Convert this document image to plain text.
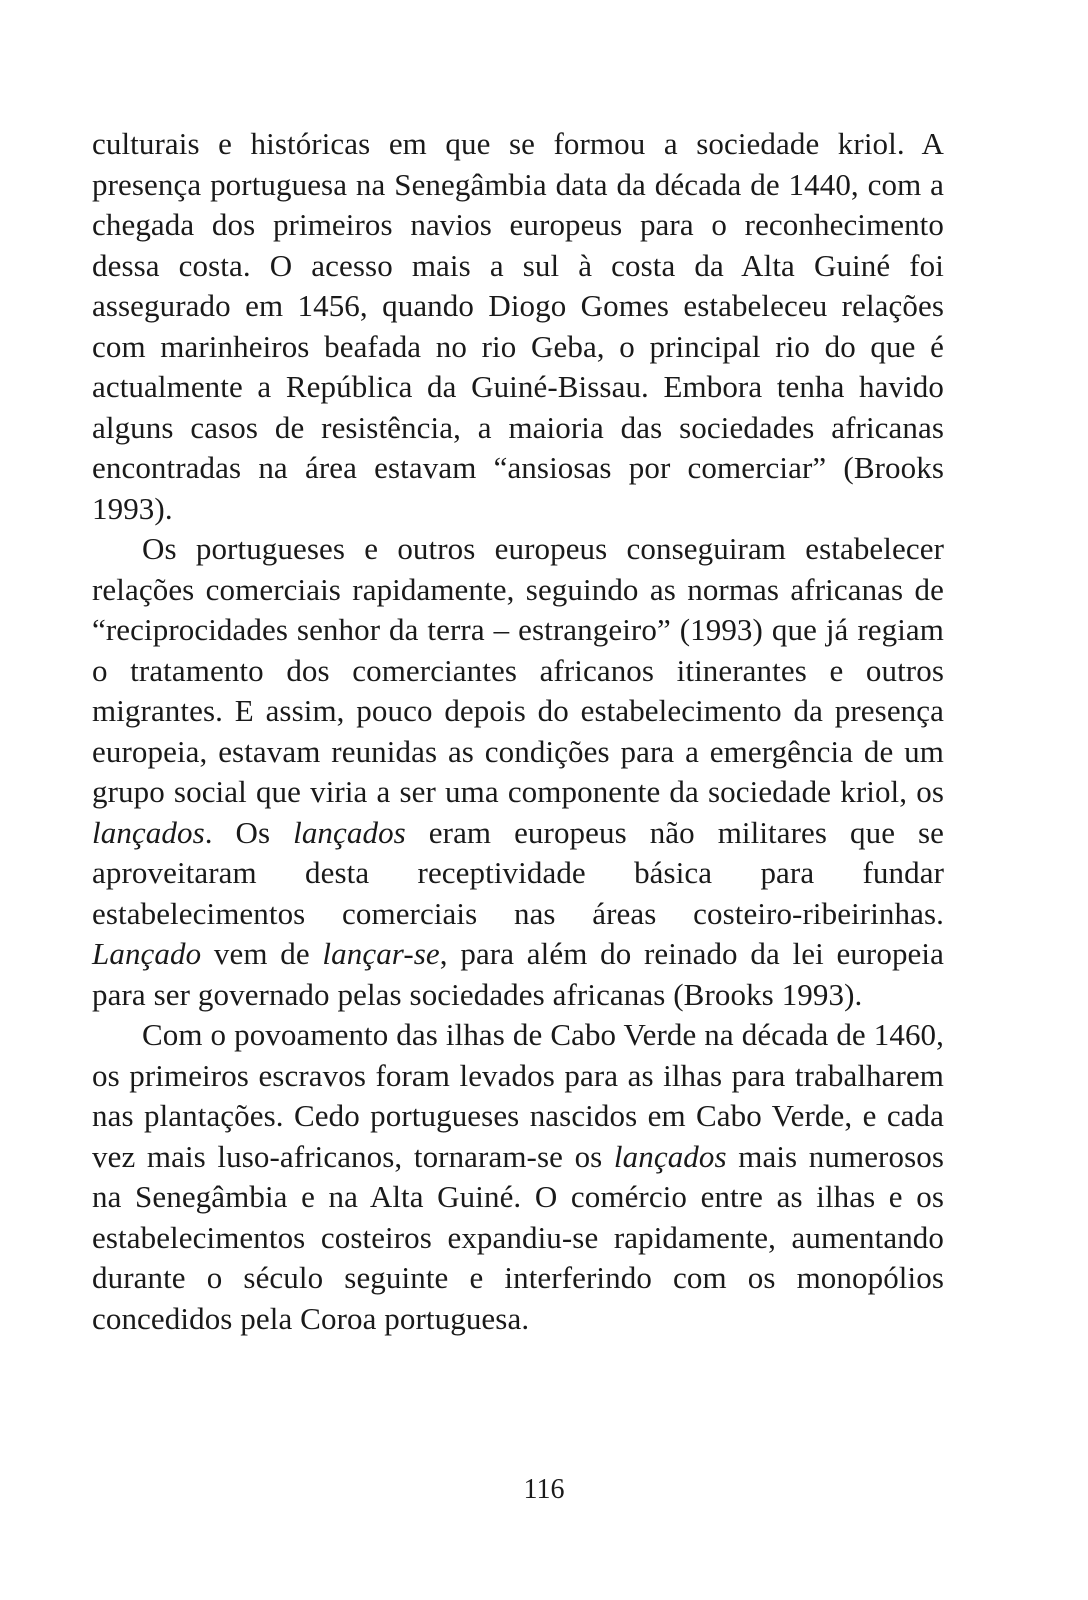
culturais e históricas em que se formou a sociedade kriol. A presença portuguesa na Senegâmbia data da década de 1440, com a chegada dos primeiros navios europeus para o reconhecimento dessa costa. O acesso mais a sul à costa da Alta Guiné foi assegurado em 1456, quando Diogo Gomes estabeleceu relações com marinheiros beafada no rio Geba, o principal rio do que é actualmente a República da Guiné-Bissau. Embora tenha havido alguns casos de resistência, a maioria das sociedades africanas encontradas na área estavam “ansiosas por comerciar” (Brooks 1993).

Os portugueses e outros europeus conseguiram estabelecer relações comerciais rapidamente, seguindo as normas africanas de “reciprocidades senhor da terra – estrangeiro” (1993) que já regiam o tratamento dos comerciantes africanos itinerantes e outros migrantes. E assim, pouco depois do estabelecimento da presença europeia, estavam reunidas as condições para a emergência de um grupo social que viria a ser uma componente da sociedade kriol, os lançados. Os lançados eram europeus não militares que se aproveitaram desta receptividade básica para fundar estabelecimentos comerciais nas áreas costeiro-ribeirinhas. Lançado vem de lançar-se, para além do reinado da lei europeia para ser governado pelas sociedades africanas (Brooks 1993).

Com o povoamento das ilhas de Cabo Verde na década de 1460, os primeiros escravos foram levados para as ilhas para trabalharem nas plantações. Cedo portugueses nascidos em Cabo Verde, e cada vez mais luso-africanos, tornaram-se os lançados mais numerosos na Senegâmbia e na Alta Guiné. O comércio entre as ilhas e os estabelecimentos costeiros expandiu-se rapidamente, aumentando durante o século seguinte e interferindo com os monopólios concedidos pela Coroa portuguesa.

116
